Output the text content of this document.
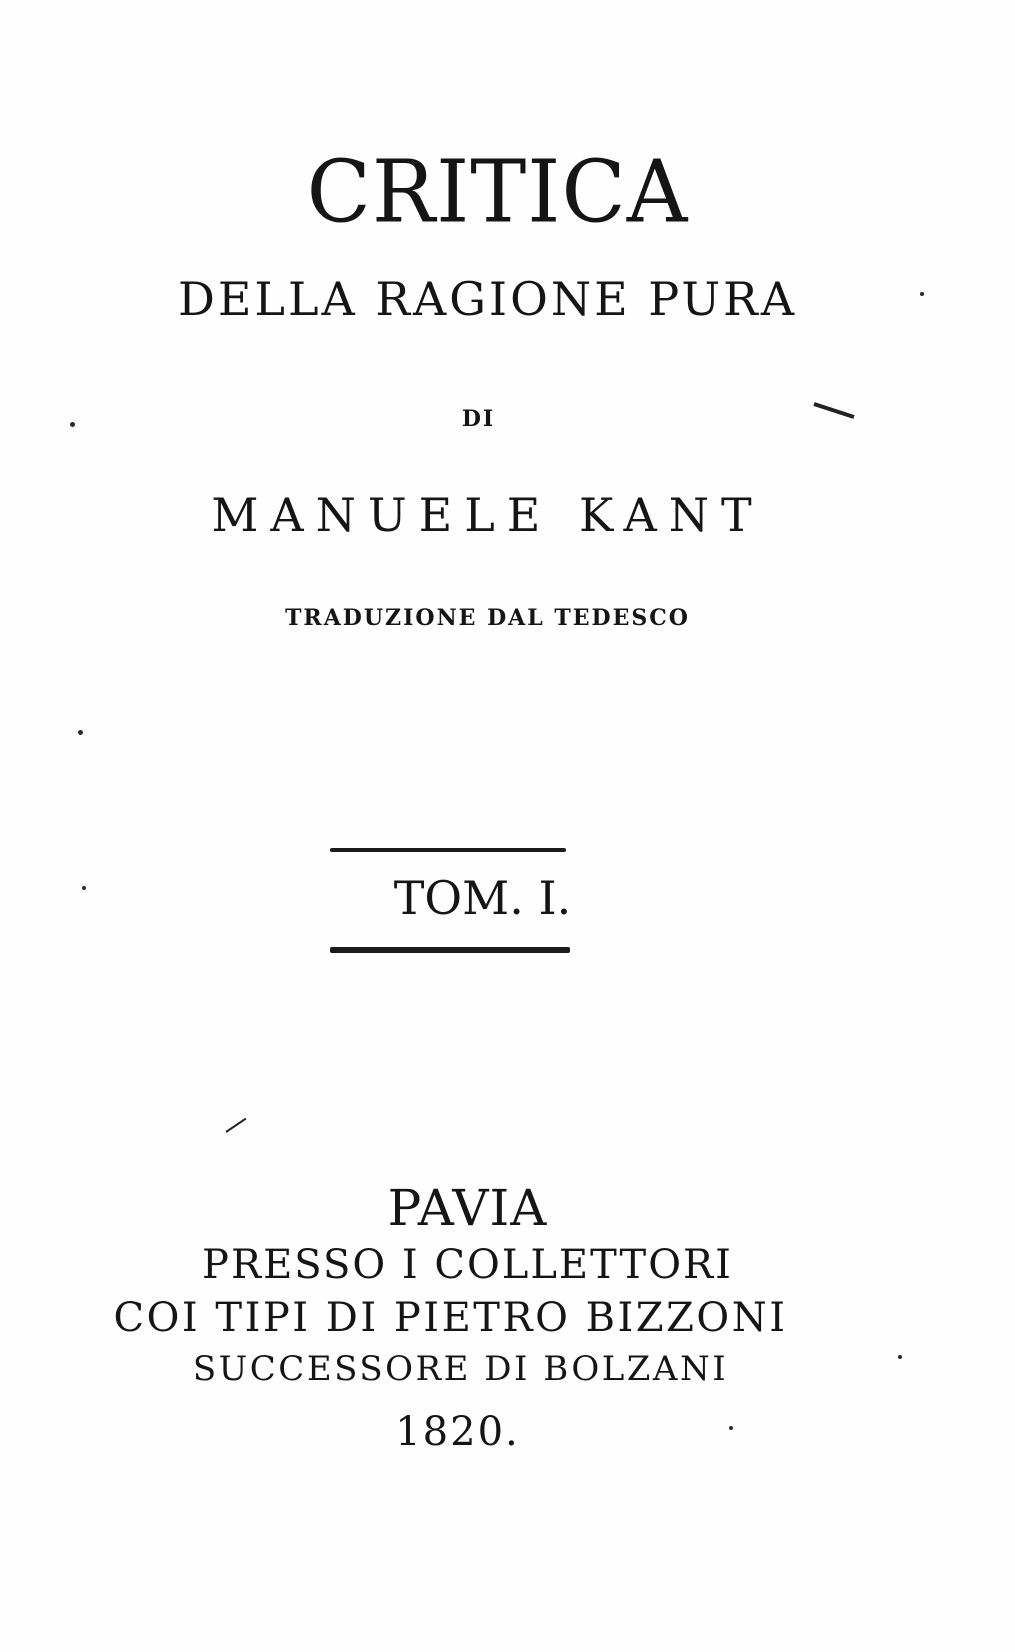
CRITICA
DELLA RAGIONE PURA
DI
MANUELE KANT
TRADUZIONE DAL TEDESCO
TOM. I.
PAVIA
PRESSO I COLLETTORI
COI TIPI DI PIETRO BIZZONI
SUCCESSORE DI BOLZANI
1820.
